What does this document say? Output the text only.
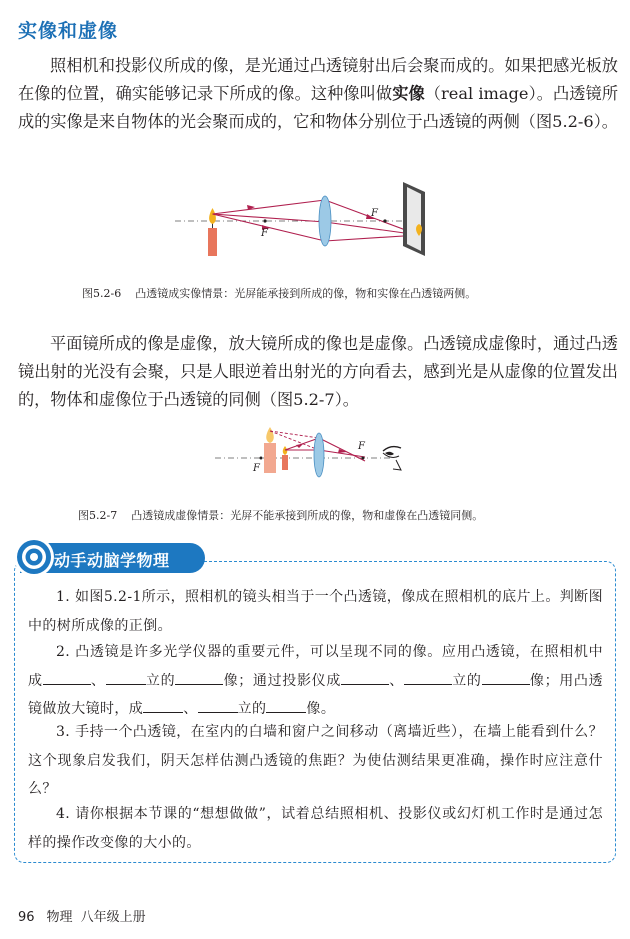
实像和虚像
照相机和投影仪所成的像，是光通过凸透镜射出后会聚而成的。如果把感光板放在像的位置，确实能够记录下所成的像。这种像叫做实像（real image）。凸透镜所成的实像是来自物体的光会聚而成的，它和物体分别位于凸透镜的两侧（图5.2-6）。
F
F
图5.2-6 凸透镜成实像情景：光屏能承接到所成的像，物和实像在凸透镜两侧。
平面镜所成的像是虚像，放大镜所成的像也是虚像。凸透镜成虚像时，通过凸透镜出射的光没有会聚，只是人眼逆着出射光的方向看去，感到光是从虚像的位置发出的，物体和虚像位于凸透镜的同侧（图5.2-7）。
F
F
图5.2-7 凸透镜成虚像情景：光屏不能承接到所成的像，物和虚像在凸透镜同侧。
动手动脑学物理
1. 如图5.2-1所示，照相机的镜头相当于一个凸透镜，像成在照相机的底片上。判断图中的树所成像的正倒。
2. 凸透镜是许多光学仪器的重要元件，可以呈现不同的像。应用凸透镜，在照相机中成	、	立的	像；通过投影仪成	、	立的	像；用凸透镜做放大镜时，成	、	立的	像。
3. 手持一个凸透镜，在室内的白墙和窗户之间移动（离墙近些），在墙上能看到什么？这个现象启发我们，阴天怎样估测凸透镜的焦距？为使估测结果更准确，操作时应注意什么？
4. 请你根据本节课的“想想做做”，试着总结照相机、投影仪或幻灯机工作时是通过怎样的操作改变像的大小的。
96 物理 八年级上册
